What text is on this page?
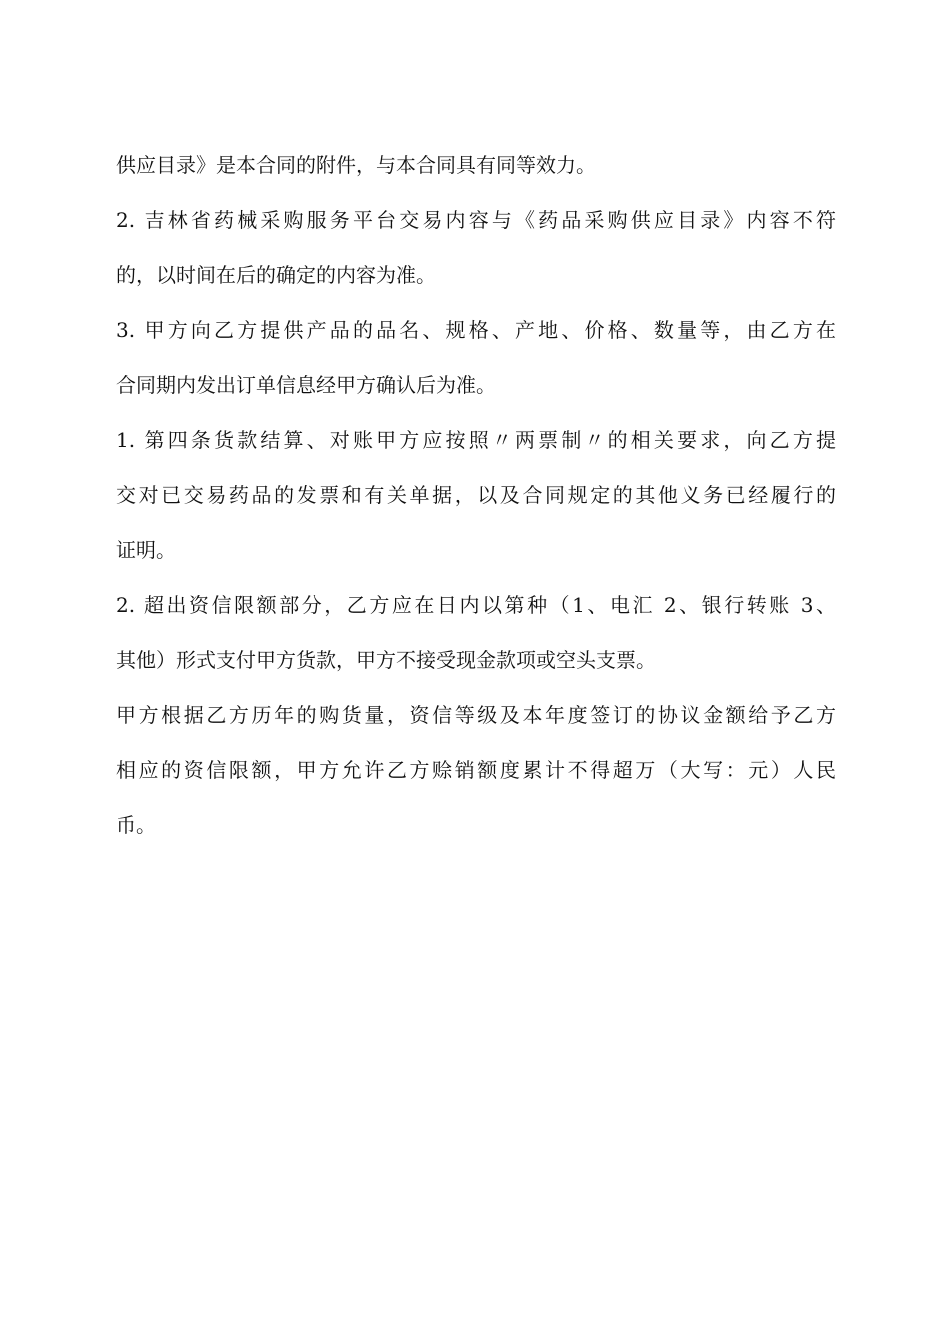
供应目录》是本合同的附件，与本合同具有同等效力。
2. 吉林省药械采购服务平台交易内容与《药品采购供应目录》内容不符
的，以时间在后的确定的内容为准。
3. 甲方向乙方提供产品的品名、规格、产地、价格、数量等，由乙方在
合同期内发出订单信息经甲方确认后为准。
1. 第四条货款结算、对账甲方应按照〃两票制〃的相关要求，向乙方提
交对已交易药品的发票和有关单据，以及合同规定的其他义务已经履行的
证明。
2. 超出资信限额部分，乙方应在日内以第种（1、电汇 2、银行转账 3、
其他）形式支付甲方货款，甲方不接受现金款项或空头支票。
甲方根据乙方历年的购货量，资信等级及本年度签订的协议金额给予乙方
相应的资信限额，甲方允许乙方赊销额度累计不得超万（大写：元）人民
币。
